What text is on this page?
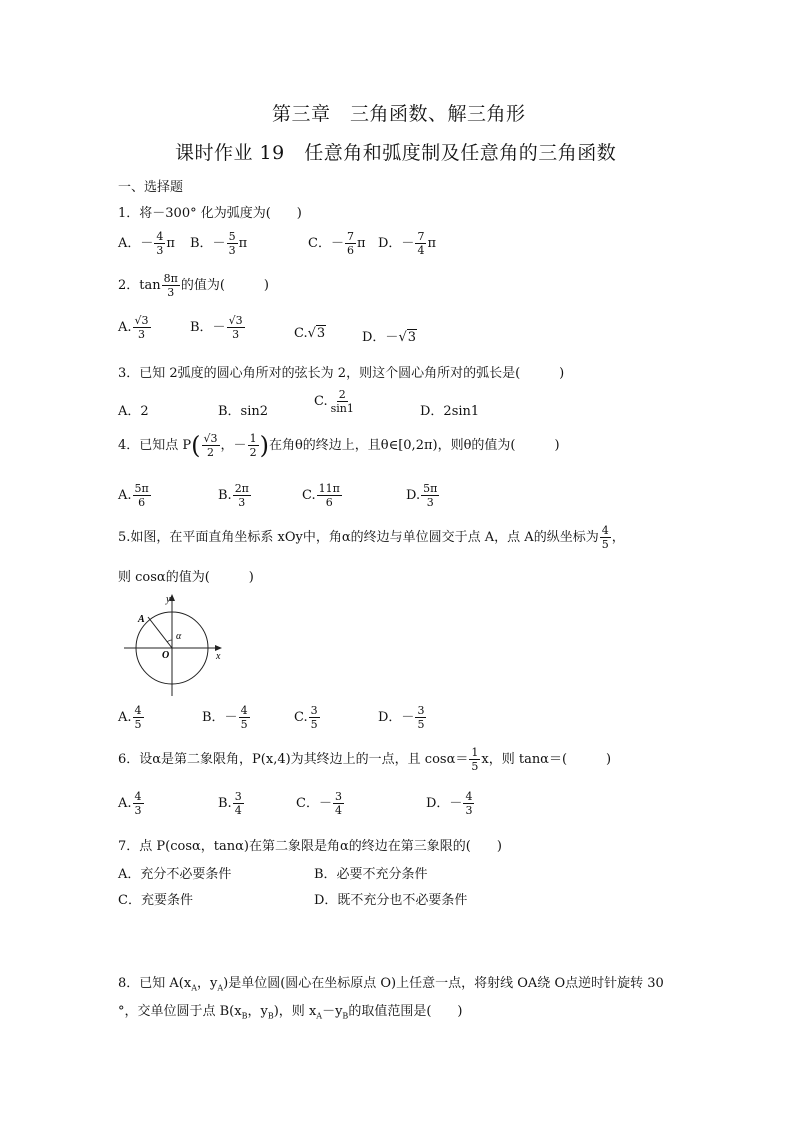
第三章　三角函数、解三角形
课时作业 19　任意角和弧度制及任意角的三角函数
一、选择题
1．将－300° 化为弧度为(　　)
A．－ $\frac{4}{3}$ π B．－ $\frac{5}{3}$ π	C．－ $\frac{7}{6}$ π D．－ $\frac{7}{4}$ π
2．$\tan \frac{8\pi}{3}$ 的值为(　　　)
A. $\frac{√3}{3}$	B．－ $\frac{√3}{3}$	C.√3	D．－√3
3．已知 2弧度的圆心角所对的弦长为 2，则这个圆心角所对的弧长是(　　　)
A．2	B．sin2
C. $\frac{2}{\sin 1}$	D．2sin1
4．已知点 $P( \frac{√3}{2}$ ，－ $\frac{1}{2}$ )在角θ的终边上，且θ∈[0,2π)，则θ的值为(　　　)
A. $\frac{5\pi}{6}$	B. $\frac{2\pi}{3}$	C. $\frac{11\pi}{6}$	D. $\frac{5\pi}{3}$
5.如图，在平面直角坐标系 xOy中，角α的终边与单位圆交于点 A，点 A的纵坐标为 $\frac{4}{5}$ ，
则 cosα的值为(　　　)
y
x
O
A
α
A. $\frac{4}{5}$	B．－ $\frac{4}{5}$	C. $\frac{3}{5}$	D．－ $\frac{3}{5}$
6．设α是第二象限角，P(x,4)为其终边上的一点，且 $\cos\alpha= \frac{1}{5}$ x，则 tanα＝(　　　)
A. $\frac{4}{3}$	B. $\frac{3}{4}$	C．－ $\frac{3}{4}$	D．－ $\frac{4}{3}$
7．点 P(cosα，tanα)在第二象限是角α的终边在第三象限的(　　)
A．充分不必要条件	B．必要不充分条件
C．充要条件	D．既不充分也不必要条件
8．已知 $A(x_A$，$y_A$)是单位圆(圆心在坐标原点 O)上任意一点，将射线 OA绕 O点逆时针旋转 30
°，交单位圆于点 $B(x_B$，$y_B$)，则 $x_A-y_B$的取值范围是(　　)
